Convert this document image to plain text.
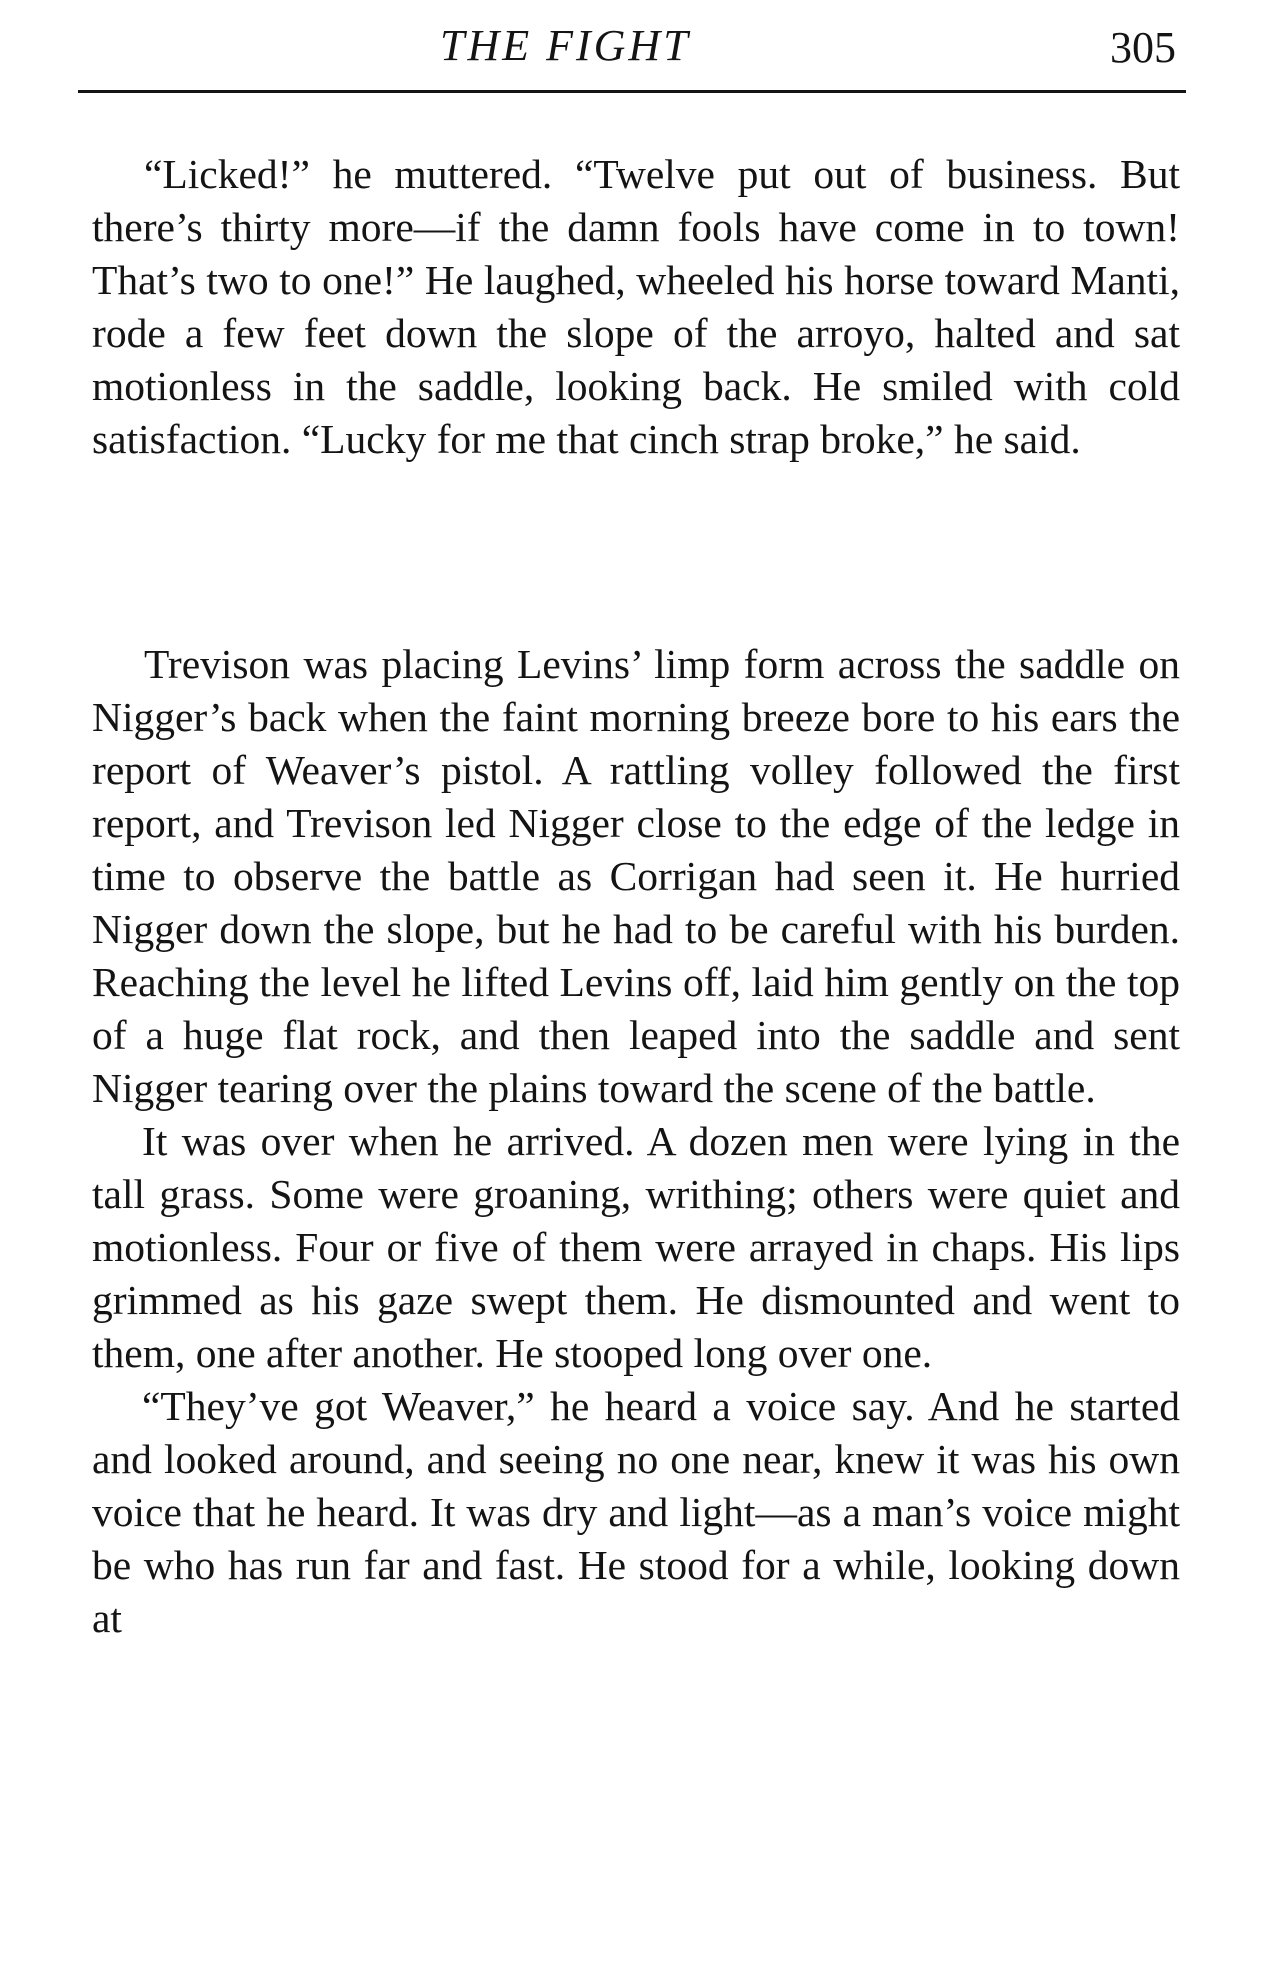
THE FIGHT	305

“Licked!” he muttered. “Twelve put out of business. But there’s thirty more—if the damn fools have come in to town! That’s two to one!” He laughed, wheeled his horse toward Manti, rode a few feet down the slope of the arroyo, halted and sat motionless in the saddle, looking back. He smiled with cold satisfaction. “Lucky for me that cinch strap broke,” he said.

Trevison was placing Levins’ limp form across the saddle on Nigger’s back when the faint morning breeze bore to his ears the report of Weaver’s pistol. A rattling volley followed the first report, and Trevison led Nigger close to the edge of the ledge in time to observe the battle as Corrigan had seen it. He hurried Nigger down the slope, but he had to be careful with his burden. Reaching the level he lifted Levins off, laid him gently on the top of a huge flat rock, and then leaped into the saddle and sent Nigger tearing over the plains toward the scene of the battle.

It was over when he arrived. A dozen men were lying in the tall grass. Some were groaning, writhing; others were quiet and motionless. Four or five of them were arrayed in chaps. His lips grimmed as his gaze swept them. He dismounted and went to them, one after another. He stooped long over one.

“They’ve got Weaver,” he heard a voice say. And he started and looked around, and seeing no one near, knew it was his own voice that he heard. It was dry and light—as a man’s voice might be who has run far and fast. He stood for a while, looking down at
